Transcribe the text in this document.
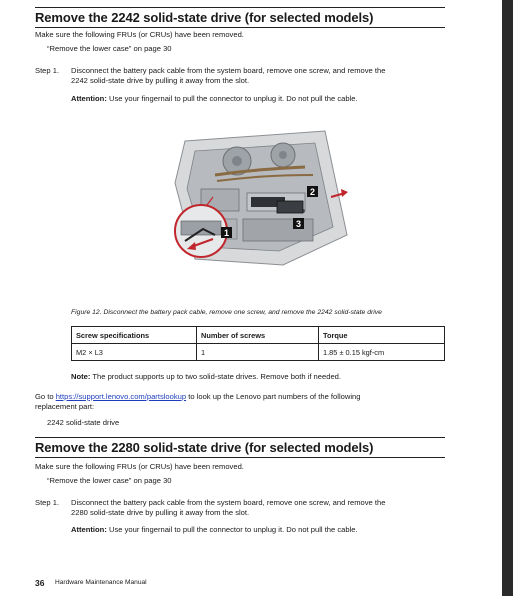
Remove the 2242 solid-state drive (for selected models)
Make sure the following FRUs (or CRUs) have been removed.
“Remove the lower case” on page 30
Step 1. Disconnect the battery pack cable from the system board, remove one screw, and remove the
2242 solid-state drive by pulling it away from the slot.
Attention: Use your fingernail to pull the connector to unplug it. Do not pull the cable.
1
2
3
Figure 12. Disconnect the battery pack cable, remove one screw, and remove the 2242 solid-state drive
Screw specifications	Number of screws	Torque
M2 × L3	1	1.85 ± 0.15 kgf-cm
Note: The product supports up to two solid-state drives. Remove both if needed.
Go to https://support.lenovo.com/partslookup to look up the Lenovo part numbers of the following
replacement part:
2242 solid-state drive
Remove the 2280 solid-state drive (for selected models)
Make sure the following FRUs (or CRUs) have been removed.
“Remove the lower case” on page 30
Step 1. Disconnect the battery pack cable from the system board, remove one screw, and remove the
2280 solid-state drive by pulling it away from the slot.
Attention: Use your fingernail to pull the connector to unplug it. Do not pull the cable.
36 Hardware Maintenance Manual
